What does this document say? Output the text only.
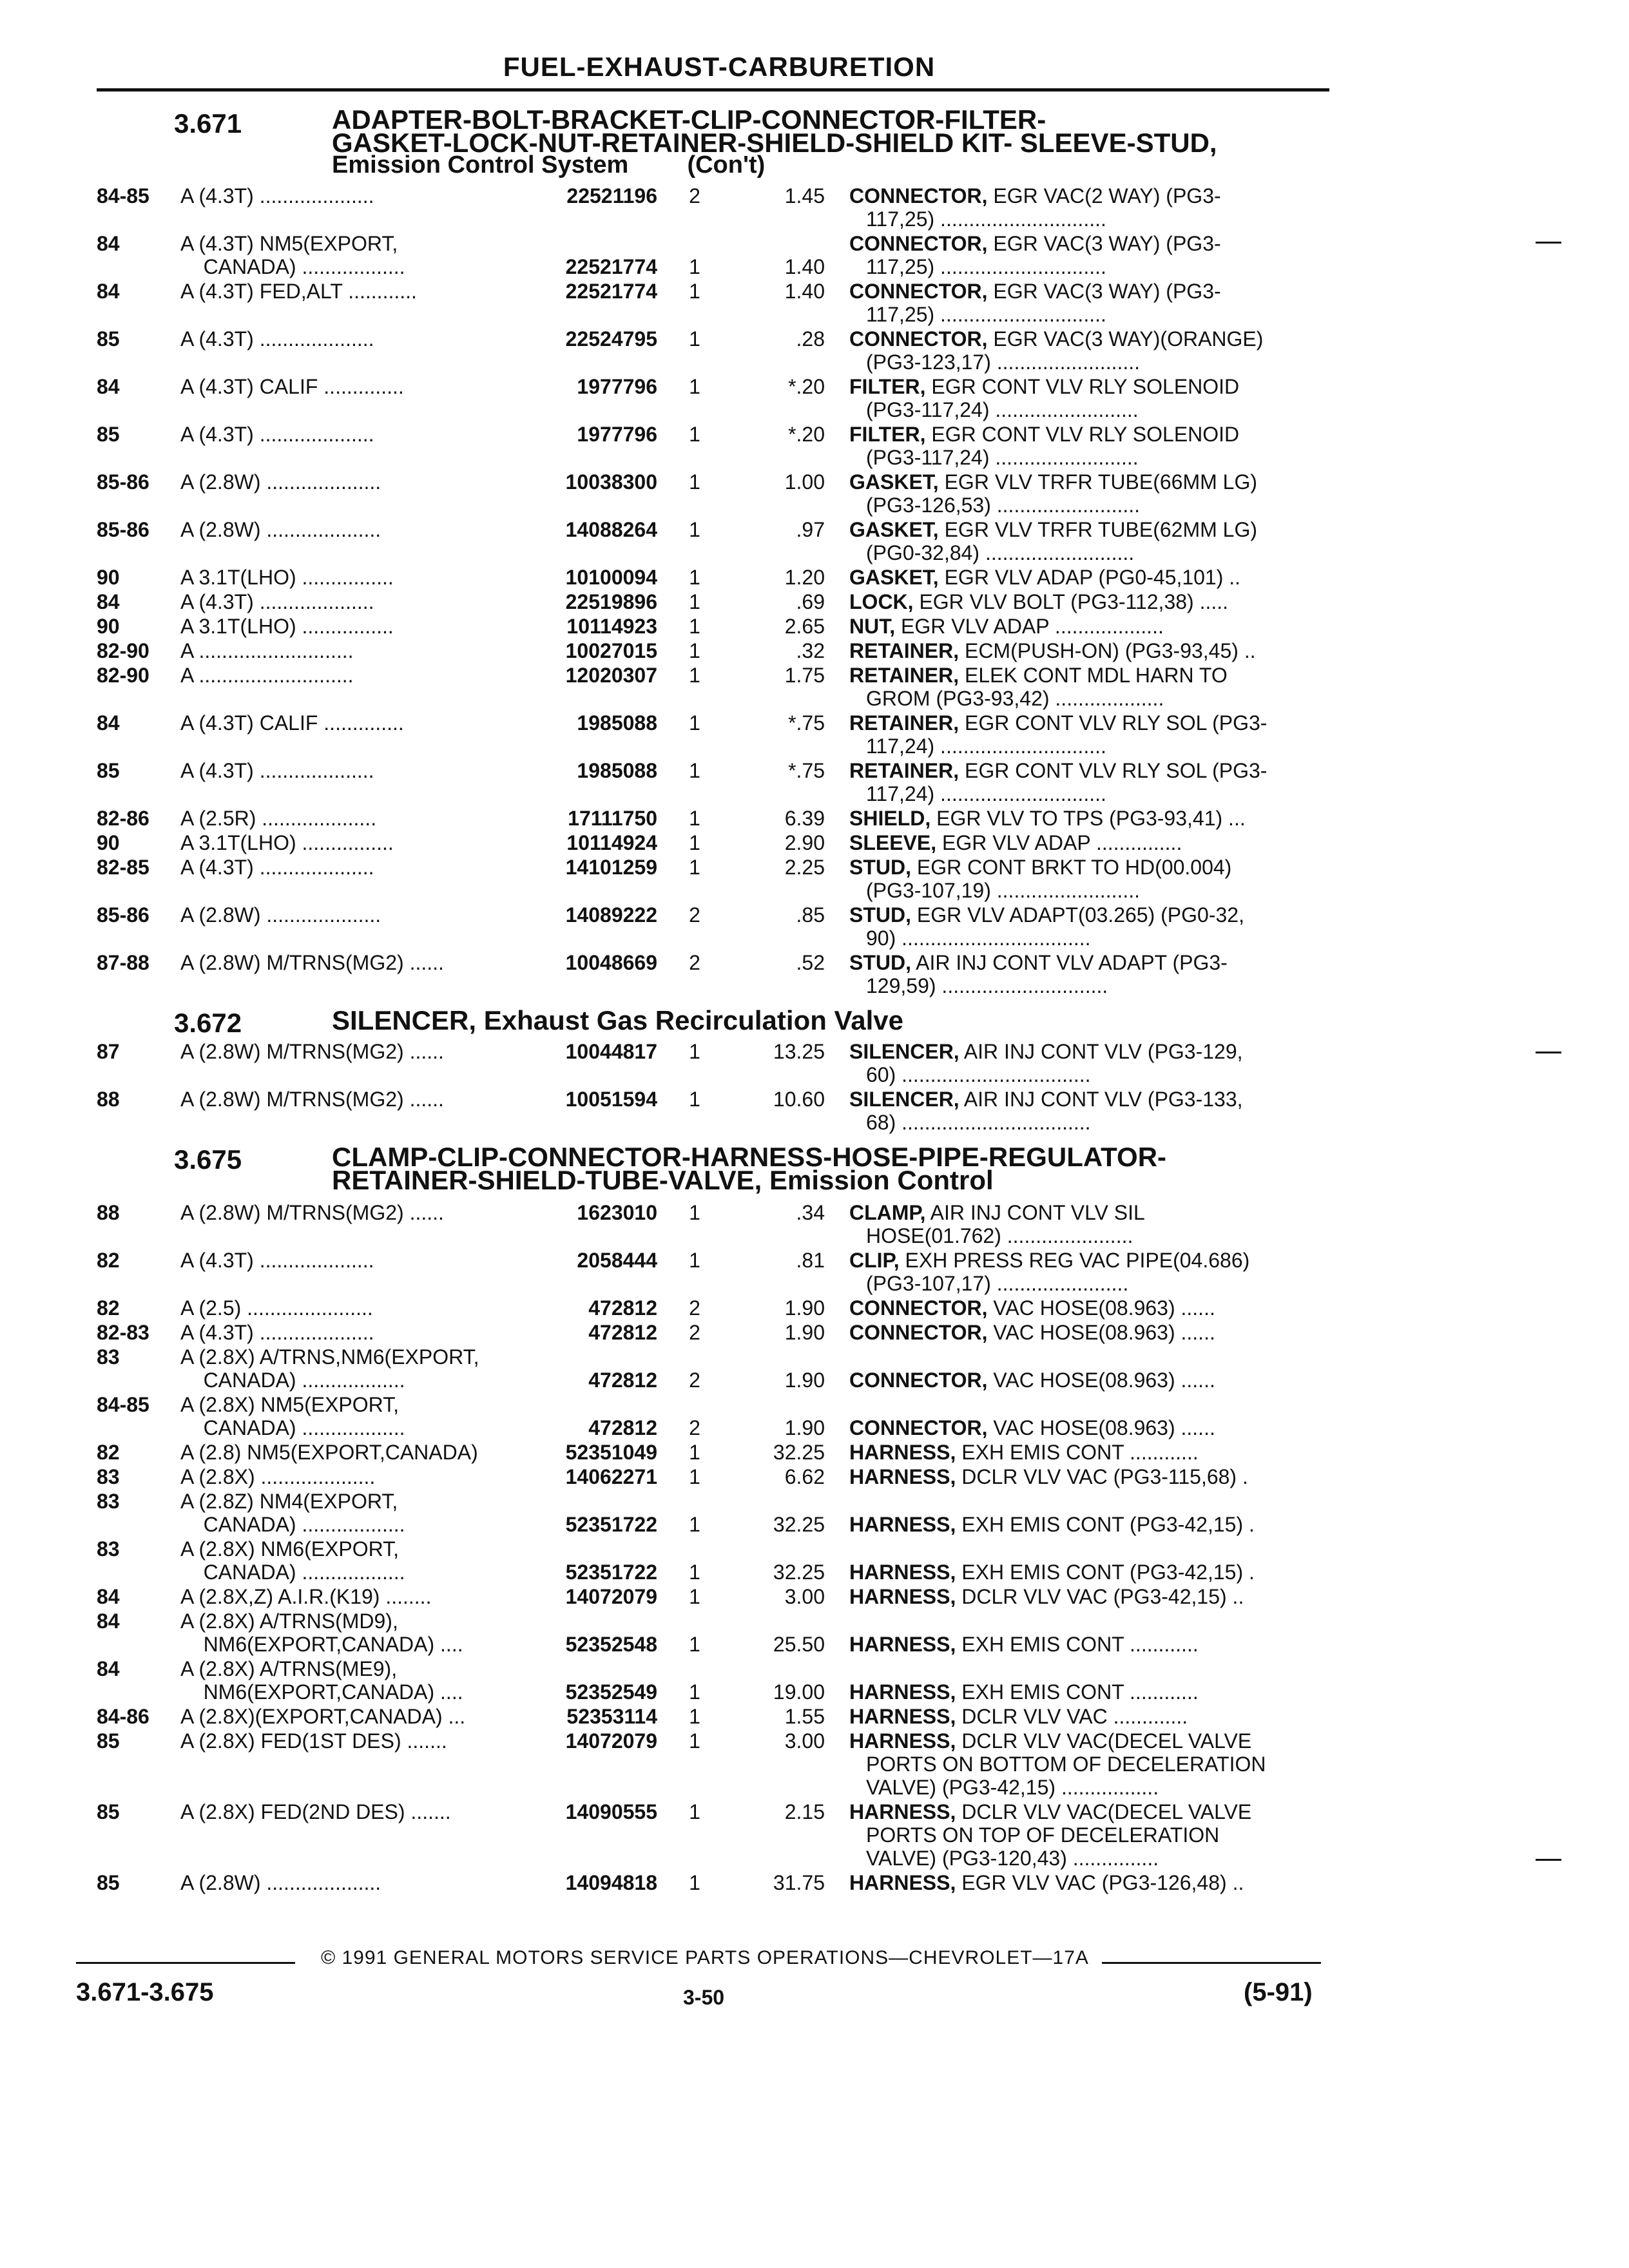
FUEL-EXHAUST-CARBURETION
3.671	ADAPTER-BOLT-BRACKET-CLIP-CONNECTOR-FILTER-
GASKET-LOCK-NUT-RETAINER-SHIELD-SHIELD KIT- SLEEVE-STUD,
Emission Control System (Con't)
84-85 A (4.3T) ....................	22521196	2	1.45 CONNECTOR, EGR VAC(2 WAY) (PG3-
117,25) .............................
84	A (4.3T) NM5(EXPORT,
CANADA) ..................	22521774	1	1.40
CONNECTOR, EGR VAC(3 WAY) (PG3-
117,25) .............................
84	A (4.3T) FED,ALT ............	22521774	1	1.40 CONNECTOR, EGR VAC(3 WAY) (PG3-
117,25) .............................
85	A (4.3T) ....................	22524795	1	.28 CONNECTOR, EGR VAC(3 WAY)(ORANGE)
(PG3-123,17) .........................
84	A (4.3T) CALIF ..............	1977796	1	*.20 FILTER, EGR CONT VLV RLY SOLENOID
(PG3-117,24) .........................
85	A (4.3T) ....................	1977796	1	*.20 FILTER, EGR CONT VLV RLY SOLENOID
(PG3-117,24) .........................
85-86 A (2.8W) ....................	10038300	1	1.00 GASKET, EGR VLV TRFR TUBE(66MM LG)
(PG3-126,53) .........................
85-86 A (2.8W) ....................	14088264	1	.97 GASKET, EGR VLV TRFR TUBE(62MM LG)
(PG0-32,84) ..........................
90	A 3.1T(LHO) ................	10100094	1	1.20 GASKET, EGR VLV ADAP (PG0-45,101) ..
84	A (4.3T) ....................	22519896	1	.69 LOCK, EGR VLV BOLT (PG3-112,38) .....
90	A 3.1T(LHO) ................	10114923	1	2.65 NUT, EGR VLV ADAP ...................
82-90 A ...........................	10027015	1	.32 RETAINER, ECM(PUSH-ON) (PG3-93,45) ..
82-90 A ...........................	12020307	1	1.75 RETAINER, ELEK CONT MDL HARN TO
GROM (PG3-93,42) ...................
84	A (4.3T) CALIF ..............	1985088	1	*.75 RETAINER, EGR CONT VLV RLY SOL (PG3-
117,24) .............................
85	A (4.3T) ....................	1985088	1	*.75 RETAINER, EGR CONT VLV RLY SOL (PG3-
117,24) .............................
82-86 A (2.5R) ....................	17111750	1	6.39 SHIELD, EGR VLV TO TPS (PG3-93,41) ...
90	A 3.1T(LHO) ................	10114924	1	2.90 SLEEVE, EGR VLV ADAP ...............
82-85 A (4.3T) ....................	14101259	1	2.25 STUD, EGR CONT BRKT TO HD(00.004)
(PG3-107,19) .........................
85-86 A (2.8W) ....................	14089222	2	.85 STUD, EGR VLV ADAPT(03.265) (PG0-32,
90) .................................
87-88 A (2.8W) M/TRNS(MG2) ......	10048669	2	.52 STUD, AIR INJ CONT VLV ADAPT (PG3-
129,59) .............................
3.672	SILENCER, Exhaust Gas Recirculation Valve
87	A (2.8W) M/TRNS(MG2) ......	10044817	1	13.25 SILENCER, AIR INJ CONT VLV (PG3-129,
60) .................................
88	A (2.8W) M/TRNS(MG2) ......	10051594	1	10.60 SILENCER, AIR INJ CONT VLV (PG3-133,
68) .................................
3.675	CLAMP-CLIP-CONNECTOR-HARNESS-HOSE-PIPE-REGULATOR-
RETAINER-SHIELD-TUBE-VALVE, Emission Control
88	A (2.8W) M/TRNS(MG2) ......	1623010	1	.34 CLAMP, AIR INJ CONT VLV SIL
HOSE(01.762) ......................
82	A (4.3T) ....................	2058444	1	.81 CLIP, EXH PRESS REG VAC PIPE(04.686)
(PG3-107,17) .......................
82	A (2.5) ......................	472812	2	1.90 CONNECTOR, VAC HOSE(08.963) ......
82-83 A (4.3T) ....................	472812	2	1.90 CONNECTOR, VAC HOSE(08.963) ......
83	A (2.8X) A/TRNS,NM6(EXPORT,
CANADA) ..................	472812	2	1.90 CONNECTOR, VAC HOSE(08.963) ......
84-85 A (2.8X) NM5(EXPORT,
CANADA) ..................	472812	2	1.90 CONNECTOR, VAC HOSE(08.963) ......
82	A (2.8) NM5(EXPORT,CANADA)	52351049	1	32.25 HARNESS, EXH EMIS CONT ............
83	A (2.8X) ....................	14062271	1	6.62 HARNESS, DCLR VLV VAC (PG3-115,68) .
83	A (2.8Z) NM4(EXPORT,
CANADA) ..................	52351722	1	32.25 HARNESS, EXH EMIS CONT (PG3-42,15) .
83	A (2.8X) NM6(EXPORT,
CANADA) ..................	52351722	1	32.25 HARNESS, EXH EMIS CONT (PG3-42,15) .
84	A (2.8X,Z) A.I.R.(K19) ........	14072079	1	3.00 HARNESS, DCLR VLV VAC (PG3-42,15) ..
84	A (2.8X) A/TRNS(MD9),
NM6(EXPORT,CANADA) ....	52352548	1	25.50 HARNESS, EXH EMIS CONT ............
84	A (2.8X) A/TRNS(ME9),
NM6(EXPORT,CANADA) ....	52352549	1	19.00 HARNESS, EXH EMIS CONT ............
84-86 A (2.8X)(EXPORT,CANADA) ...	52353114	1	1.55 HARNESS, DCLR VLV VAC .............
85	A (2.8X) FED(1ST DES) .......	14072079	1	3.00 HARNESS, DCLR VLV VAC(DECEL VALVE
PORTS ON BOTTOM OF DECELERATION
VALVE) (PG3-42,15) .................
85	A (2.8X) FED(2ND DES) .......	14090555	1	2.15 HARNESS, DCLR VLV VAC(DECEL VALVE
PORTS ON TOP OF DECELERATION
VALVE) (PG3-120,43) ...............
85	A (2.8W) ....................	14094818	1	31.75 HARNESS, EGR VLV VAC (PG3-126,48) ..
© 1991 GENERAL MOTORS SERVICE PARTS OPERATIONS—CHEVROLET—17A
3.671-3.675	3-50	(5-91)
